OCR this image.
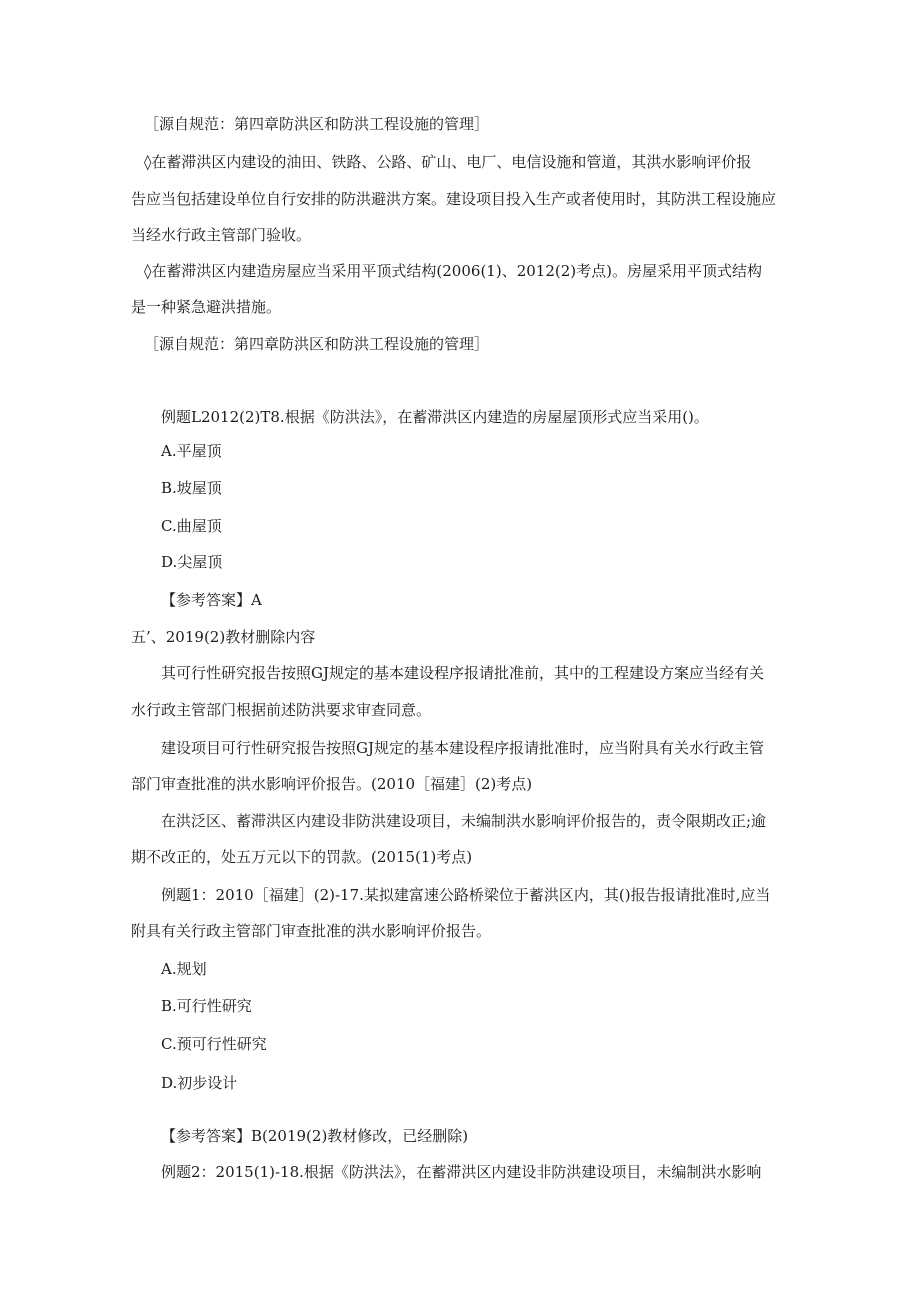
［源自规范：第四章防洪区和防洪工程设施的管理］
◊在蓄滞洪区内建设的油田、铁路、公路、矿山、电厂、电信设施和管道，其洪水影响评价报
告应当包括建设单位自行安排的防洪避洪方案。建设项目投入生产或者使用时，其防洪工程设施应
当经水行政主管部门验收。
◊在蓄滞洪区内建造房屋应当采用平顶式结构(2006(1)、2012(2)考点)。房屋采用平顶式结构
是一种紧急避洪措施。
［源自规范：第四章防洪区和防洪工程设施的管理］
例题L2012(2)T8.根据《防洪法》，在蓄滞洪区内建造的房屋屋顶形式应当采用()。
A.平屋顶
B.坡屋顶
C.曲屋顶
D.尖屋顶
【参考答案】A
五’、2019(2)教材删除内容
其可行性研究报告按照GJ规定的基本建设程序报请批准前，其中的工程建设方案应当经有关
水行政主管部门根据前述防洪要求审查同意。
建设项目可行性研究报告按照GJ规定的基本建设程序报请批准时，应当附具有关水行政主管
部门审查批准的洪水影响评价报告。(2010［福建］(2)考点)
在洪泛区、蓄滞洪区内建设非防洪建设项目，未编制洪水影响评价报告的，责令限期改正;逾
期不改正的，处五万元以下的罚款。(2015(1)考点)
例题1：2010［福建］(2)-17.某拟建富速公路桥梁位于蓄洪区内，其()报告报请批准时,应当
附具有关行政主管部门审查批准的洪水影响评价报告。
A.规划
B.可行性研究
C.预可行性研究
D.初步设计
【参考答案】B(2019(2)教材修改，已经删除)
例题2：2015(1)-18.根据《防洪法》，在蓄滞洪区内建设非防洪建设项目，未编制洪水影响
